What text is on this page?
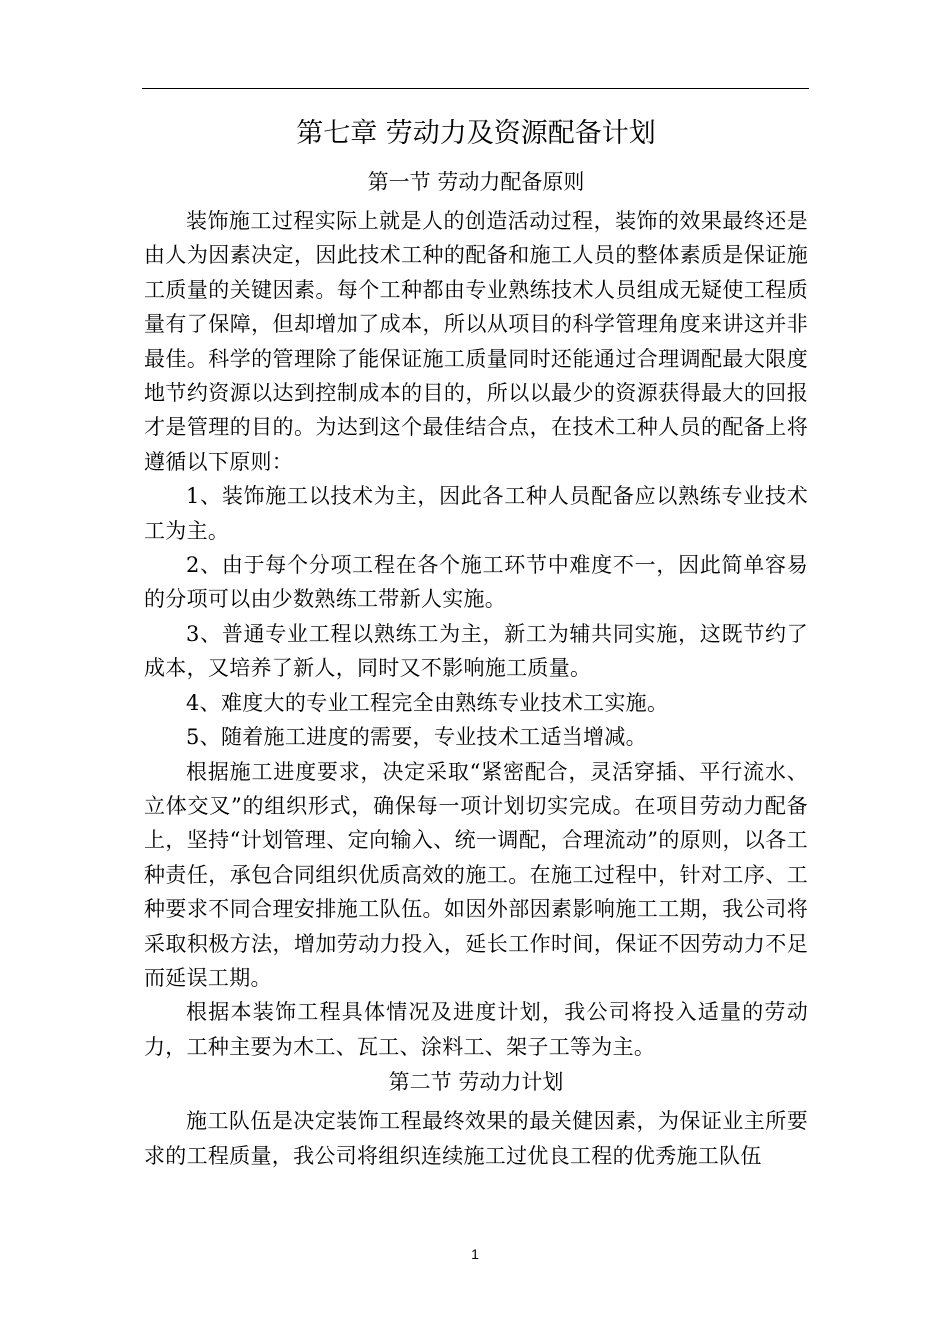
第七章 劳动力及资源配备计划
第一节 劳动力配备原则

装饰施工过程实际上就是人的创造活动过程，装饰的效果最终还是由人为因素决定，因此技术工种的配备和施工人员的整体素质是保证施工质量的关键因素。每个工种都由专业熟练技术人员组成无疑使工程质量有了保障，但却增加了成本，所以从项目的科学管理角度来讲这并非最佳。科学的管理除了能保证施工质量同时还能通过合理调配最大限度地节约资源以达到控制成本的目的，所以以最少的资源获得最大的回报才是管理的目的。为达到这个最佳结合点，在技术工种人员的配备上将遵循以下原则：

1、装饰施工以技术为主，因此各工种人员配备应以熟练专业技术工为主。

2、由于每个分项工程在各个施工环节中难度不一，因此简单容易的分项可以由少数熟练工带新人实施。

3、普通专业工程以熟练工为主，新工为辅共同实施，这既节约了成本，又培养了新人，同时又不影响施工质量。

4、难度大的专业工程完全由熟练专业技术工实施。

5、随着施工进度的需要，专业技术工适当增减。

根据施工进度要求，决定采取“紧密配合，灵活穿插、平行流水、立体交叉”的组织形式，确保每一项计划切实完成。在项目劳动力配备上，坚持“计划管理、定向输入、统一调配，合理流动”的原则，以各工种责任，承包合同组织优质高效的施工。在施工过程中，针对工序、工种要求不同合理安排施工队伍。如因外部因素影响施工工期，我公司将采取积极方法，增加劳动力投入，延长工作时间，保证不因劳动力不足而延误工期。

根据本装饰工程具体情况及进度计划，我公司将投入适量的劳动力，工种主要为木工、瓦工、涂料工、架子工等为主。

第二节 劳动力计划

施工队伍是决定装饰工程最终效果的最关健因素，为保证业主所要求的工程质量，我公司将组织连续施工过优良工程的优秀施工队伍

1
